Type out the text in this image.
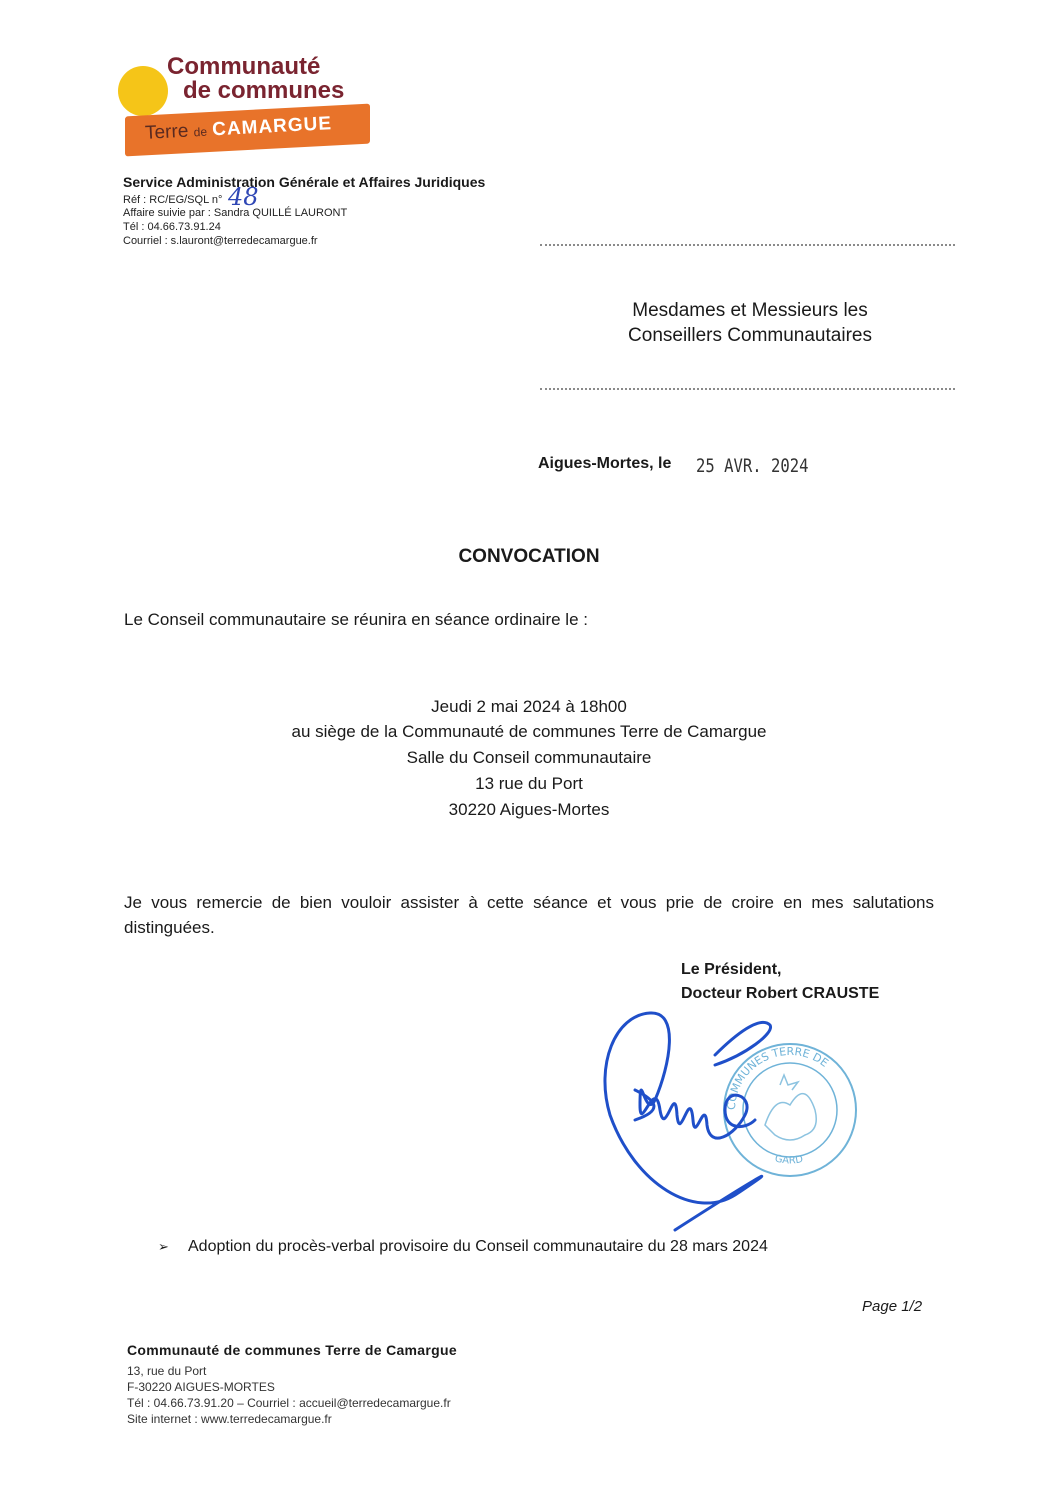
Communauté
de communes
Terre de CAMARGUE
Service Administration Générale et Affaires Juridiques
Réf : RC/EG/SQL n° 48
Affaire suivie par : Sandra QUILLÉ LAURONT
Tél : 04.66.73.91.24
Courriel : s.lauront@terredecamargue.fr
Mesdames et Messieurs les
Conseillers Communautaires
Aigues-Mortes, le 25 AVR. 2024
CONVOCATION
Le Conseil communautaire se réunira en séance ordinaire le :
Jeudi 2 mai 2024 à 18h00
au siège de la Communauté de communes Terre de Camargue
Salle du Conseil communautaire
13 rue du Port
30220 Aigues-Mortes
Je vous remercie de bien vouloir assister à cette séance et vous prie de croire en mes salutations distinguées.
Le Président,
Docteur Robert CRAUSTE
COMMUNES TERRE DE
GARD
➢ Adoption du procès-verbal provisoire du Conseil communautaire du 28 mars 2024
Page 1/2
Communauté de communes Terre de Camargue
13, rue du Port
F-30220 AIGUES-MORTES
Tél : 04.66.73.91.20 – Courriel : accueil@terredecamargue.fr
Site internet : www.terredecamargue.fr
